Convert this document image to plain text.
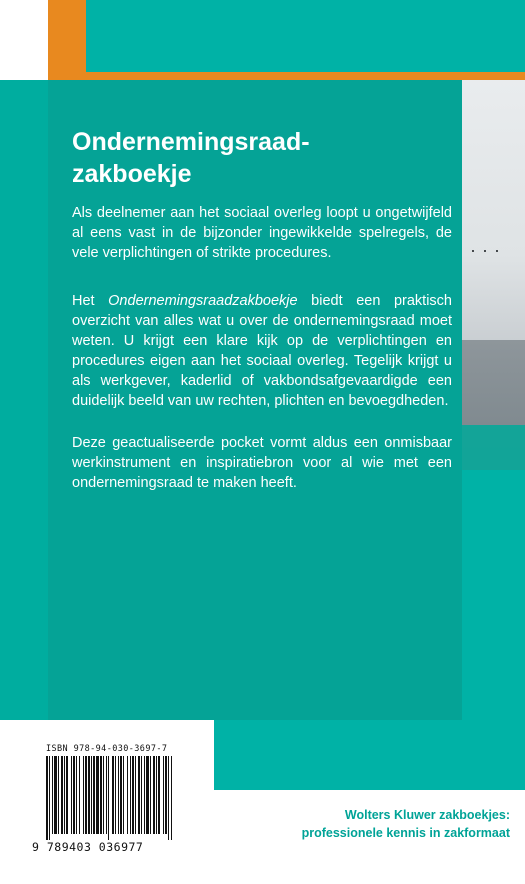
···
Ondernemingsraad-
zakboekje

Als deelnemer aan het sociaal overleg loopt u ongetwijfeld al eens vast in de bijzonder ingewikkelde spelregels, de vele verplichtingen of strikte procedures.

Het Ondernemingsraadzakboekje biedt een praktisch overzicht van alles wat u over de ondernemingsraad moet weten. U krijgt een klare kijk op de verplichtingen en procedures eigen aan het sociaal overleg. Tegelijk krijgt u als werkgever, kaderlid of vakbondsafgevaardigde een duidelijk beeld van uw rechten, plichten en bevoegdheden.

Deze geactualiseerde pocket vormt aldus een onmisbaar werkinstrument en inspiratiebron voor al wie met een ondernemingsraad te maken heeft.

ISBN 978-94-030-3697-7
9 789403 036977

Wolters Kluwer zakboekjes:
professionele kennis in zakformaat
